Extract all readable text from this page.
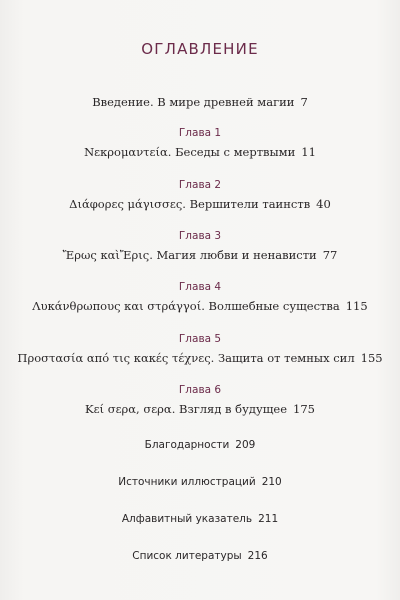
ОГЛАВЛЕНИЕ
Введение. В мире древней магии 7
Глава 1
Νεκρομαντεία. Беседы с мертвыми 11
Глава 2
Διάφορες μάγισσες. Вершители таинств 40
Глава 3
Ἔρως καὶἜρις. Магия любви и ненависти 77
Глава 4
Λυκάνθρωπους και στράγγοί. Волшебные существа 115
Глава 5
Προστασία από τις κακές τέχνες. Защита от темных сил 155
Глава 6
Κεί σερα, σερα. Взгляд в будущее 175
Благодарности 209
Источники иллюстраций 210
Алфавитный указатель 211
Список литературы 216
